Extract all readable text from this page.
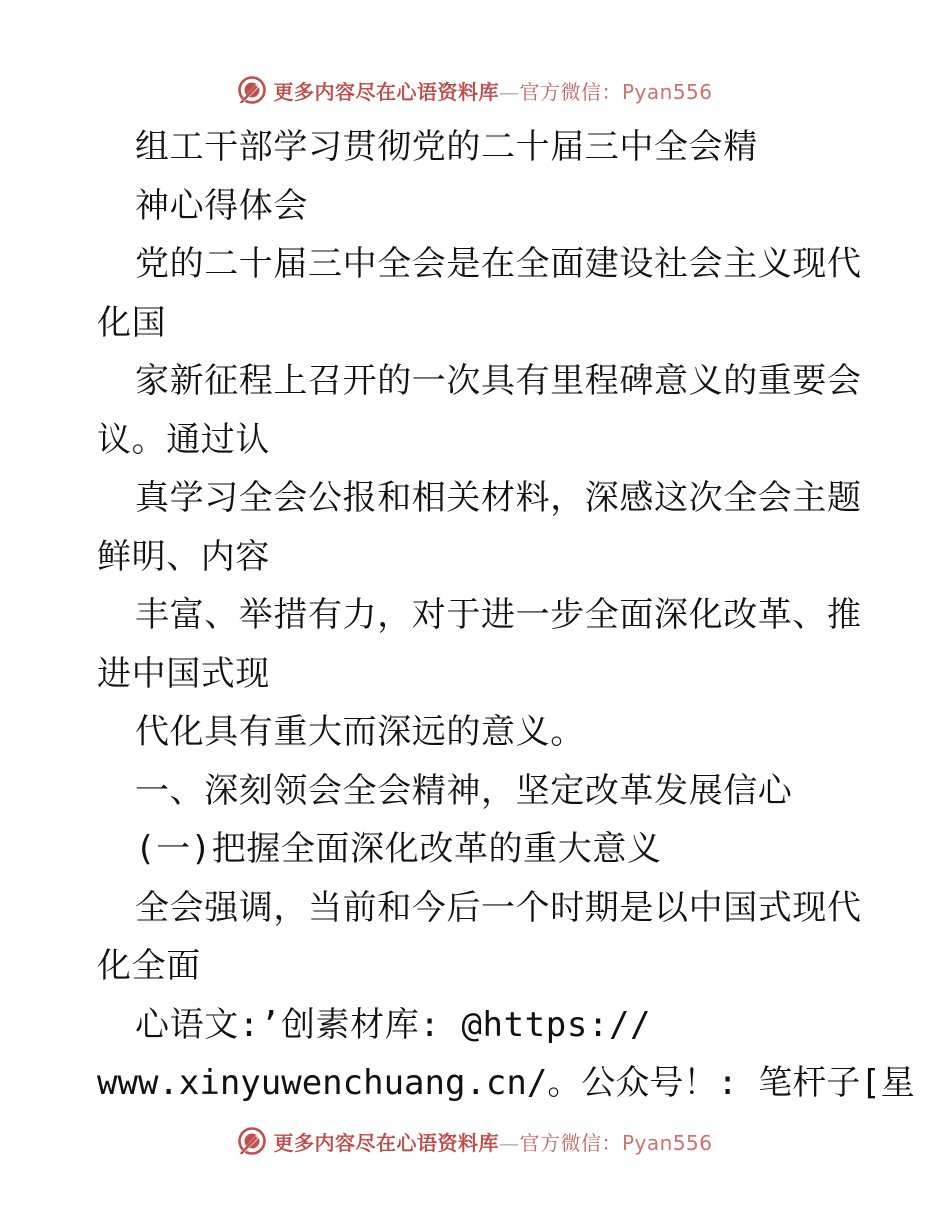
更多内容尽在心语资料库—官方微信：Pyan556
组工干部学习贯彻党的二十届三中全会精
神心得体会
党的二十届三中全会是在全面建设社会主义现代
化国
家新征程上召开的一次具有里程碑意义的重要会
议。通过认
真学习全会公报和相关材料，深感这次全会主题
鲜明、内容
丰富、举措有力，对于进一步全面深化改革、推
进中国式现
代化具有重大而深远的意义。
一、深刻领会全会精神，坚定改革发展信心
(一)把握全面深化改革的重大意义
全会强调，当前和今后一个时期是以中国式现代
化全面
心语文:’创素材库: @https://
www.xinyuwenchuang.cn/。公众号！: 笔杆子[星
更多内容尽在心语资料库—官方微信：Pyan556
